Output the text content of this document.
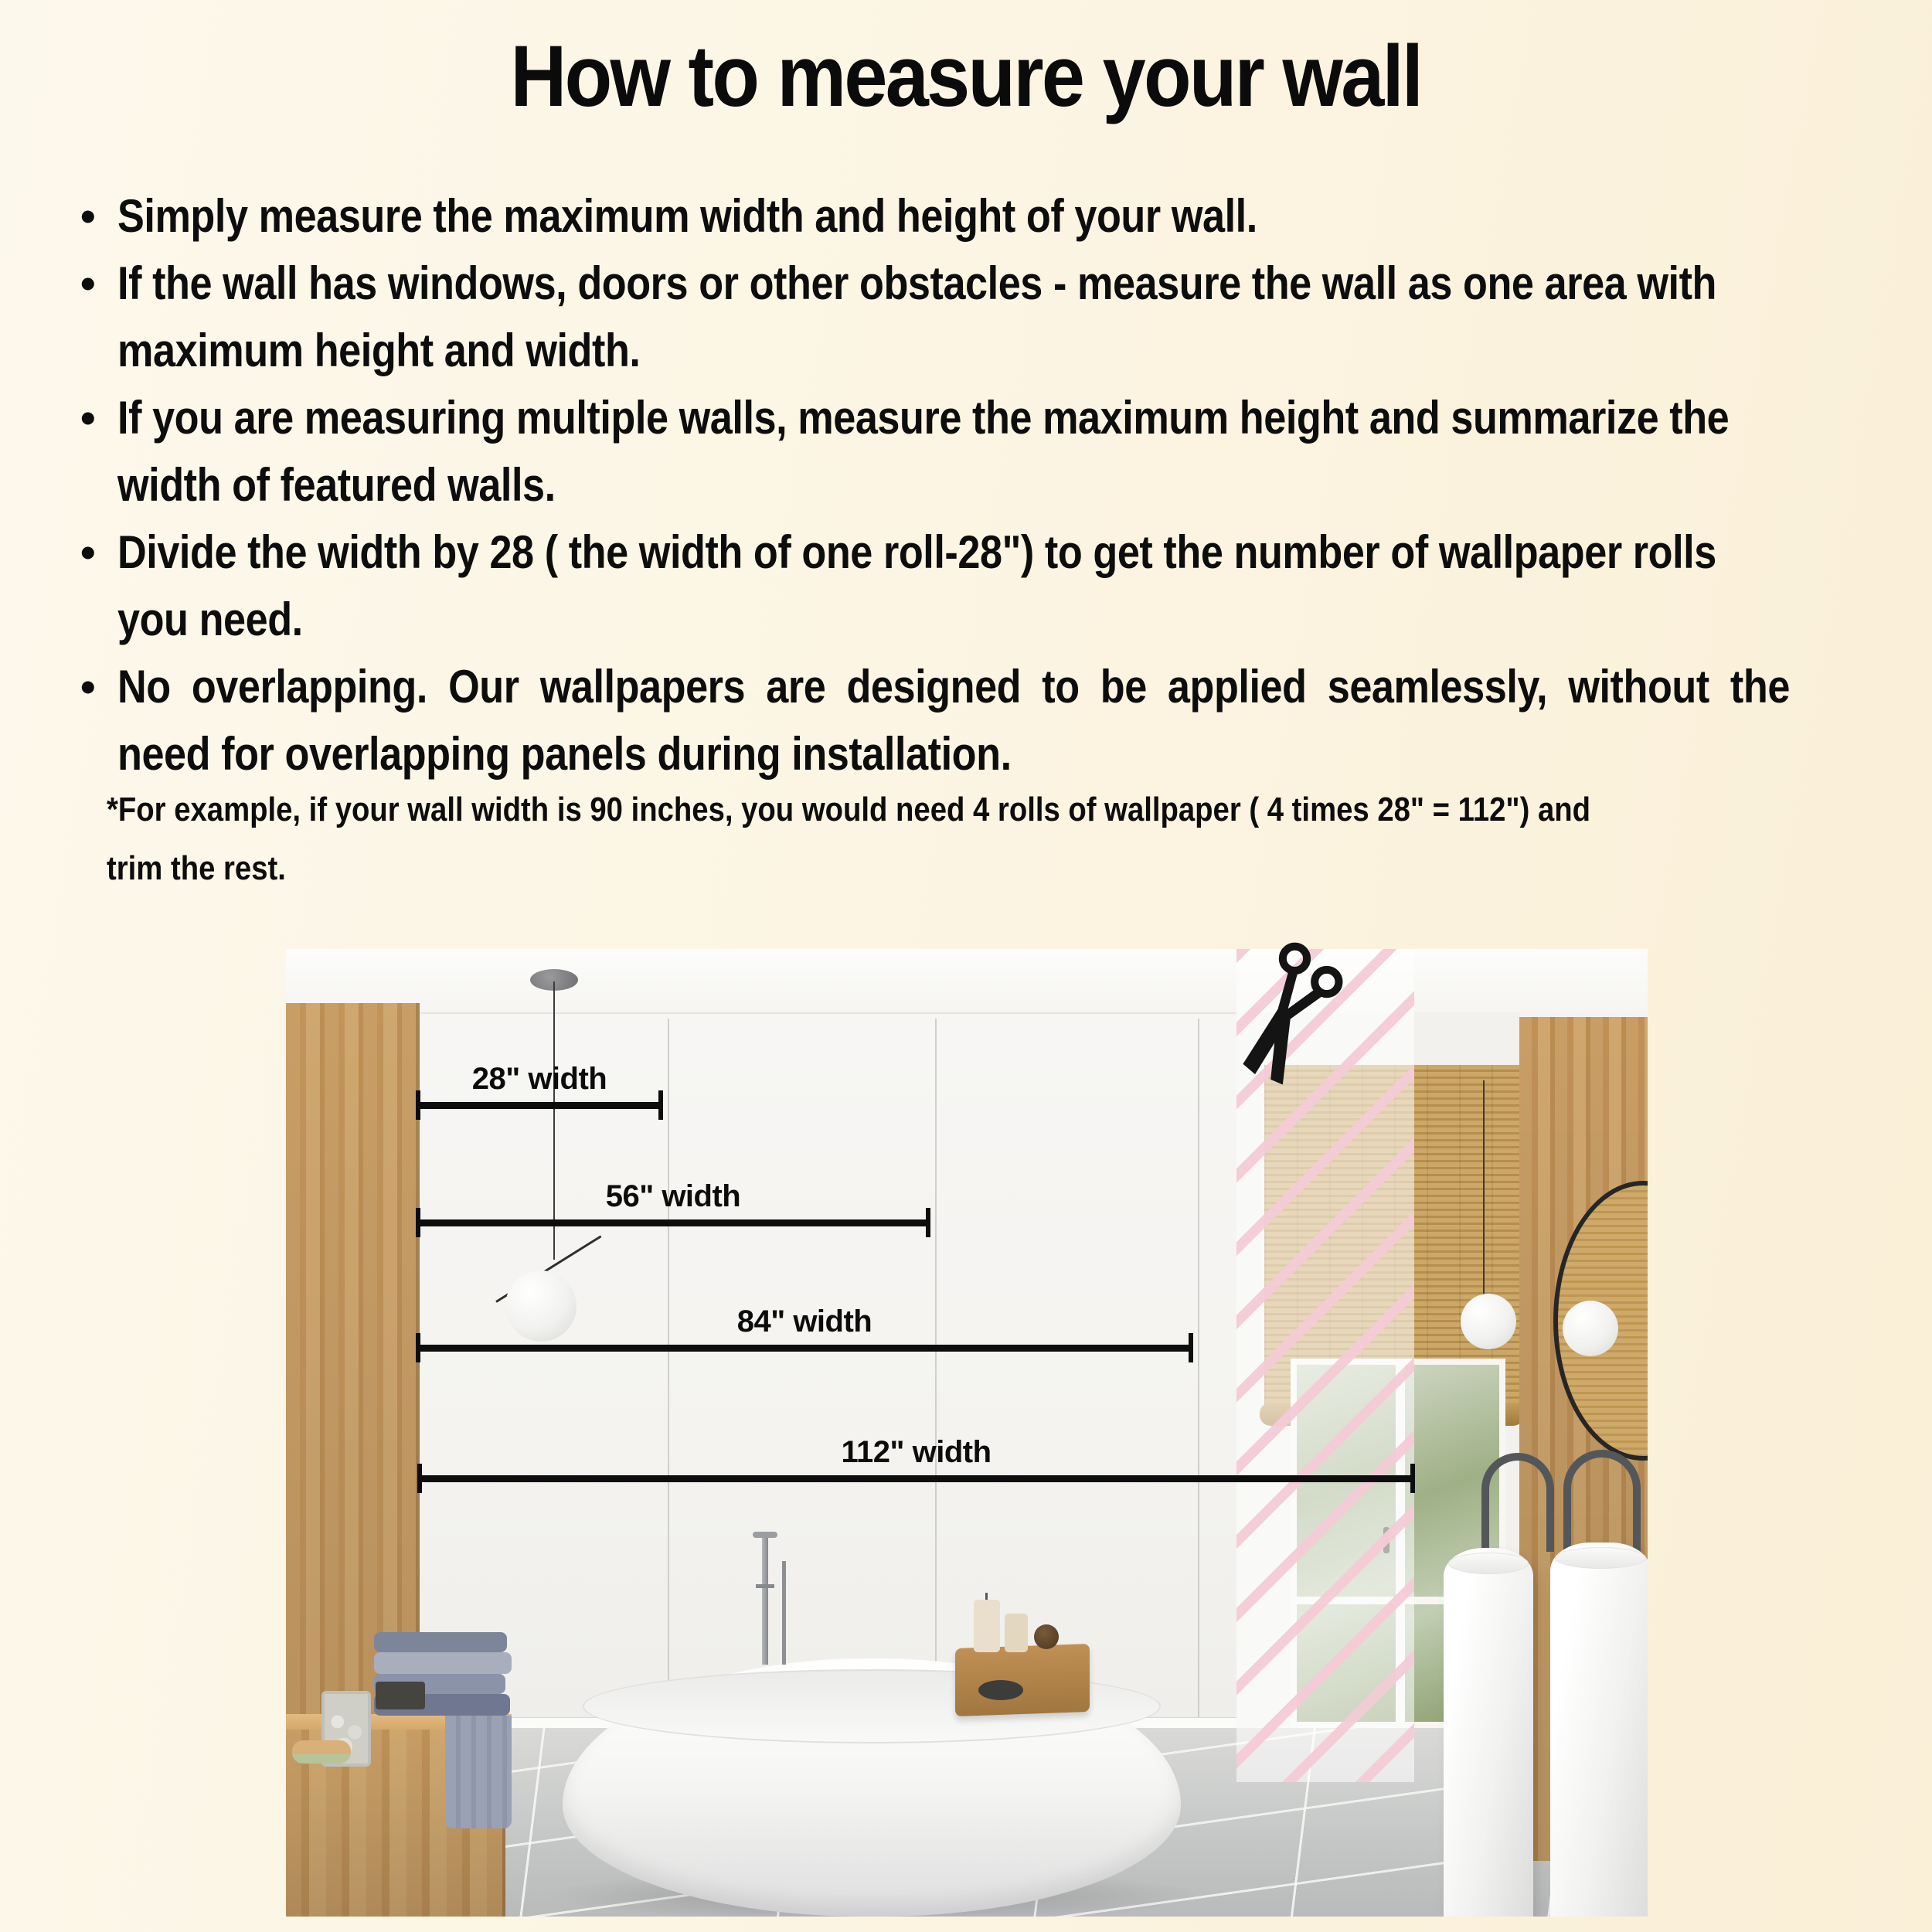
How to measure your wall
• Simply measure the maximum width and height of your wall.
• If the wall has windows, doors or other obstacles - measure the wall as one area with
maximum height and width.
• If you are measuring multiple walls, measure the maximum height and summarize the
width of featured walls.
• Divide the width by 28 ( the width of one roll-28") to get the number of wallpaper rolls
you need.
• No overlapping. Our wallpapers are designed to be applied seamlessly, without the
need for overlapping panels during installation.
*For example, if your wall width is 90 inches, you would need 4 rolls of wallpaper ( 4 times 28" = 112") and
trim the rest.
28" width
56" width
84" width
112" width
